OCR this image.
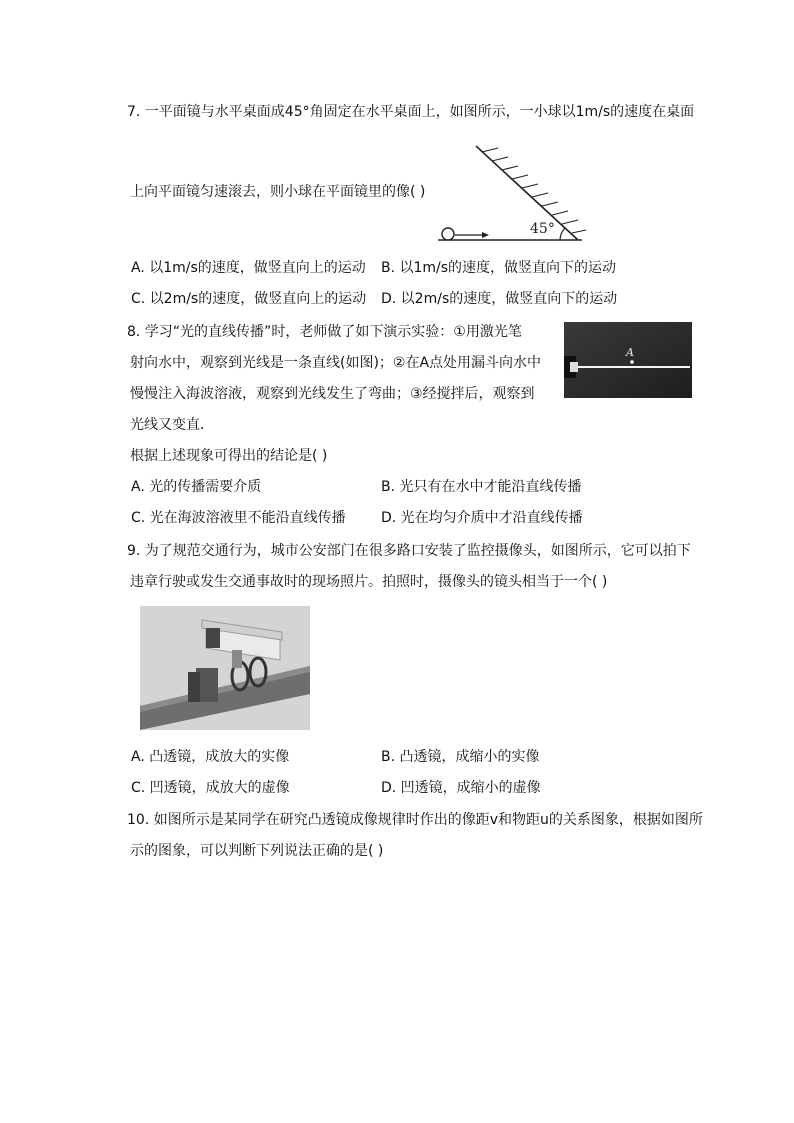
7. 一平面镜与水平桌面成45°角固定在水平桌面上，如图所示，一小球以1m/s的速度在桌面
上向平面镜匀速滚去，则小球在平面镜里的像( )
45°
A. 以1m/s的速度，做竖直向上的运动 B. 以1m/s的速度，做竖直向下的运动
C. 以2m/s的速度，做竖直向上的运动 D. 以2m/s的速度，做竖直向下的运动
8. 学习“光的直线传播”时，老师做了如下演示实验：①用激光笔
射向水中，观察到光线是一条直线(如图)；②在A点处用漏斗向水中
慢慢注入海波溶液，观察到光线发生了弯曲；③经搅拌后，观察到
光线又变直．
根据上述现象可得出的结论是( )
A
A. 光的传播需要介质	B. 光只有在水中才能沿直线传播
C. 光在海波溶液里不能沿直线传播	D. 光在均匀介质中才沿直线传播
9. 为了规范交通行为，城市公安部门在很多路口安装了监控摄像头，如图所示，它可以拍下
违章行驶或发生交通事故时的现场照片。拍照时，摄像头的镜头相当于一个( )
A. 凸透镜，成放大的实像	B. 凸透镜，成缩小的实像
C. 凹透镜，成放大的虚像	D. 凹透镜，成缩小的虚像
10. 如图所示是某同学在研究凸透镜成像规律时作出的像距v和物距u的关系图象，根据如图所
示的图象，可以判断下列说法正确的是( )
